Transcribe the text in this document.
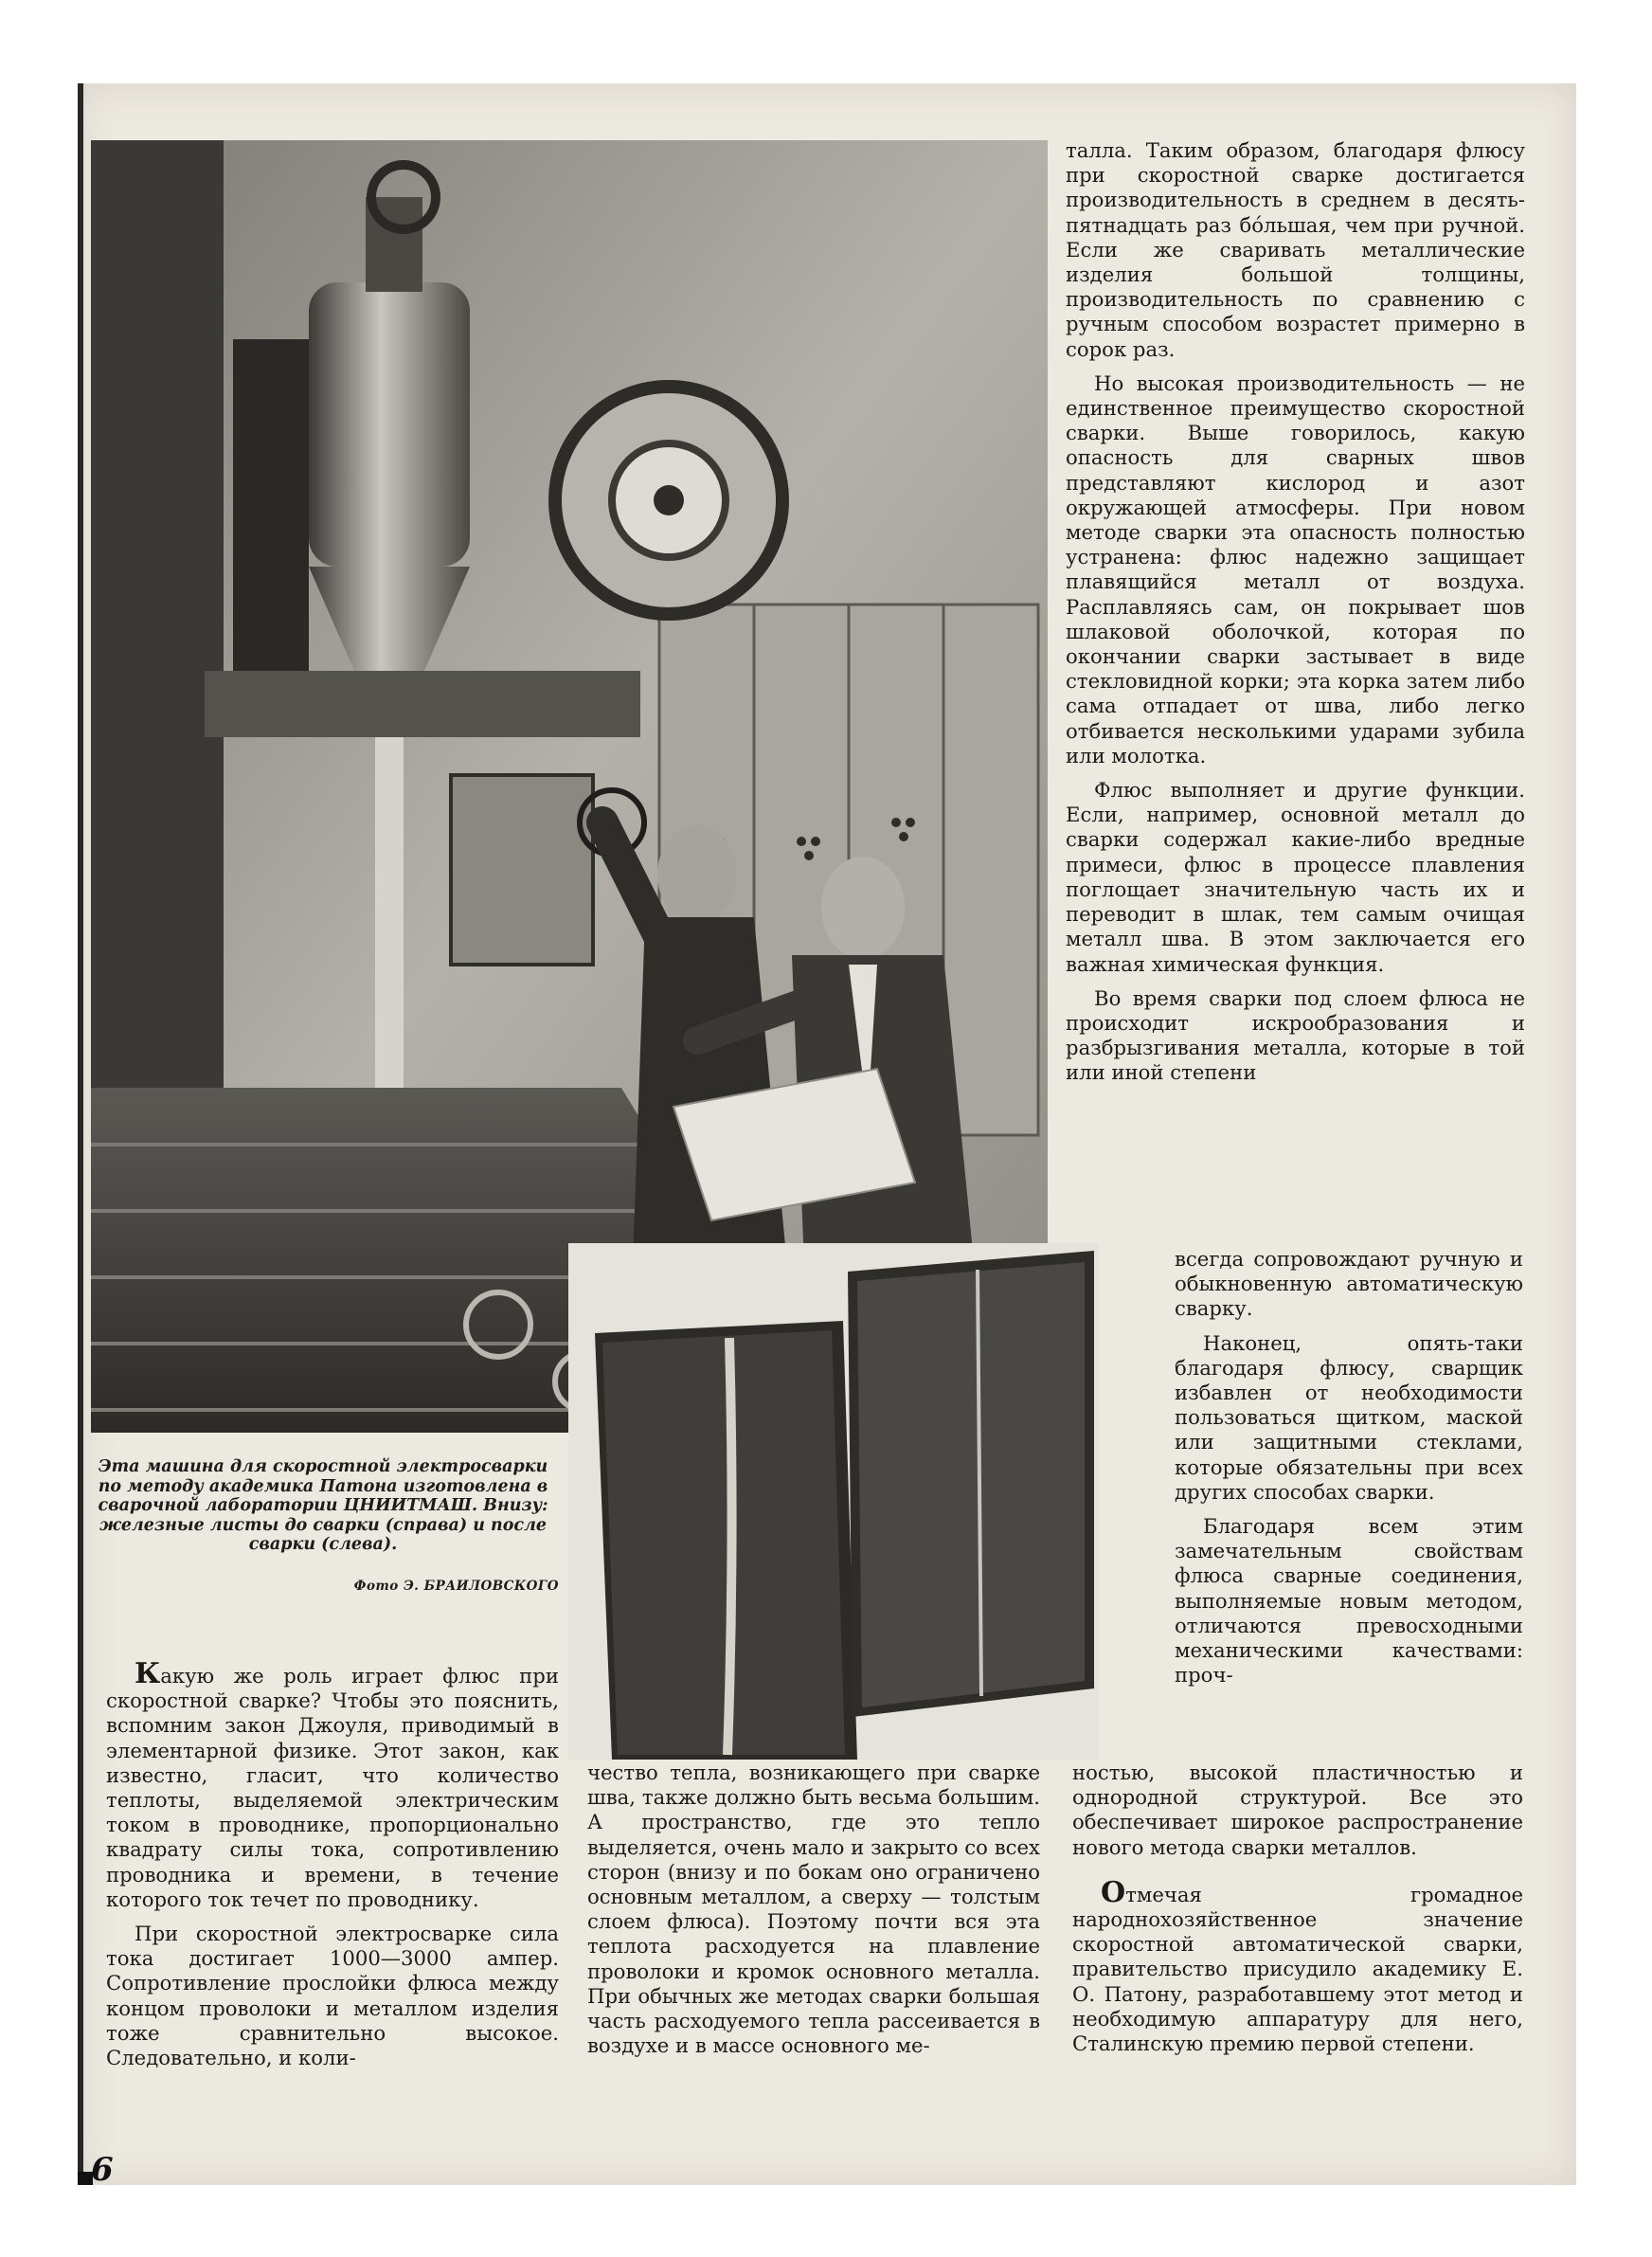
Эта машина для скоростной электросварки по методу академика Патона изготовлена в сварочной лаборатории ЦНИИТМАШ. Внизу: железные листы до сварки (справа) и после сварки (слева).
Фото Э. БРАИЛОВСКОГО

талла. Таким образом, благодаря флюсу при скоростной сварке достигается производительность в среднем в десять-пятнадцать раз бо́льшая, чем при ручной. Если же сваривать металлические изделия большой толщины, производительность по сравнению с ручным способом возрастет примерно в сорок раз.

Но высокая производительность — не единственное преимущество скоростной сварки. Выше говорилось, какую опасность для сварных швов представляют кислород и азот окружающей атмосферы. При новом методе сварки эта опасность полностью устранена: флюс надежно защищает плавящийся металл от воздуха. Расплавляясь сам, он покрывает шов шлаковой оболочкой, которая по окончании сварки застывает в виде стекловидной корки; эта корка затем либо сама отпадает от шва, либо легко отбивается несколькими ударами зубила или молотка.

Флюс выполняет и другие функции. Если, например, основной металл до сварки содержал какие-либо вредные примеси, флюс в процессе плавления поглощает значительную часть их и переводит в шлак, тем самым очищая металл шва. В этом заключается его важная химическая функция.

Во время сварки под слоем флюса не происходит искрообразования и разбрызгивания металла, которые в той или иной степени

всегда сопровождают ручную и обыкновенную автоматическую сварку.

Наконец, опять-таки благодаря флюсу, сварщик избавлен от необходимости пользоваться щитком, маской или защитными стеклами, которые обязательны при всех других способах сварки.

Благодаря всем этим замечательным свойствам флюса сварные соединения, выполняемые новым методом, отличаются превосходными механическими качествами: проч-

ностью, высокой пластичностью и однородной структурой. Все это обеспечивает широкое распространение нового метода сварки металлов.

Отмечая громадное народнохозяйственное значение скоростной автоматической сварки, правительство присудило академику Е. О. Патону, разработавшему этот метод и необходимую аппаратуру для него, Сталинскую премию первой степени.

Какую же роль играет флюс при скоростной сварке? Чтобы это пояснить, вспомним закон Джоуля, приводимый в элементарной физике. Этот закон, как известно, гласит, что количество теплоты, выделяемой электрическим током в проводнике, пропорционально квадрату силы тока, сопротивлению проводника и времени, в течение которого ток течет по проводнику.

При скоростной электросварке сила тока достигает 1000—3000 ампер. Сопротивление прослойки флюса между концом проволоки и металлом изделия тоже сравнительно высокое. Следовательно, и коли-

чество тепла, возникающего при сварке шва, также должно быть весьма большим. А пространство, где это тепло выделяется, очень мало и закрыто со всех сторон (внизу и по бокам оно ограничено основным металлом, а сверху — толстым слоем флюса). Поэтому почти вся эта теплота расходуется на плавление проволоки и кромок основного металла. При обычных же методах сварки большая часть расходуемого тепла рассеивается в воздухе и в массе основного ме-

6
